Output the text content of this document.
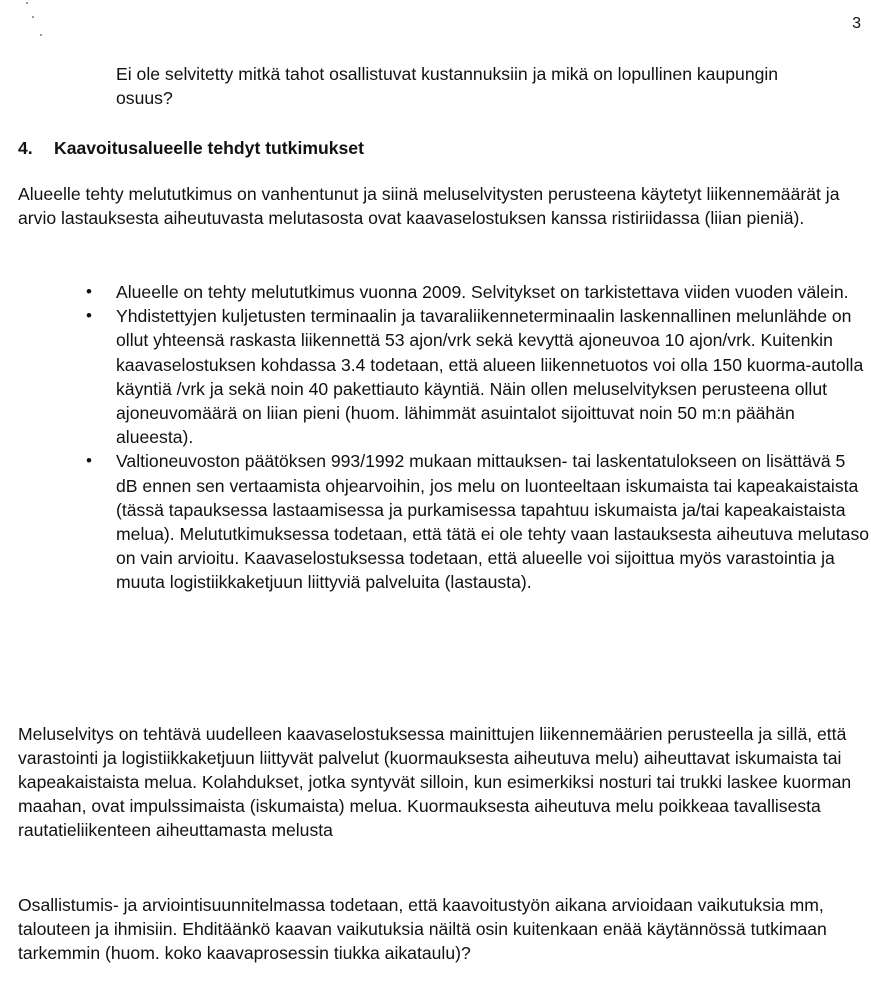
3

Ei ole selvitetty mitkä tahot osallistuvat kustannuksiin ja mikä on lopullinen kaupungin osuus?

4. Kaavoitusalueelle tehdyt tutkimukset

Alueelle tehty melututkimus on vanhentunut ja siinä meluselvitysten perusteena käytetyt liikennemäärät ja arvio lastauksesta aiheutuvasta melutasosta ovat kaavaselostuksen kanssa ristiriidassa (liian pieniä).

• Alueelle on tehty melututkimus vuonna 2009. Selvitykset on tarkistettava viiden vuoden välein.
• Yhdistettyjen kuljetusten terminaalin ja tavaraliikenneterminaalin laskennallinen melunlähde on ollut yhteensä raskasta liikennettä 53 ajon/vrk sekä kevyttä ajoneuvoa 10 ajon/vrk. Kuitenkin kaavaselostuksen kohdassa 3.4 todetaan, että alueen liikennetuotos voi olla 150 kuorma-autolla käyntiä /vrk ja sekä noin 40 pakettiauto käyntiä. Näin ollen meluselvityksen perusteena ollut ajoneuvomäärä on liian pieni (huom. lähimmät asuintalot sijoittuvat noin 50 m:n päähän alueesta).
• Valtioneuvoston päätöksen 993/1992 mukaan mittauksen- tai laskentatulokseen on lisättävä 5 dB ennen sen vertaamista ohjearvoihin, jos melu on luonteeltaan iskumaista tai kapeakaistaista (tässä tapauksessa lastaamisessa ja purkamisessa tapahtuu iskumaista ja/tai kapeakaistaista melua). Melututkimuksessa todetaan, että tätä ei ole tehty vaan lastauksesta aiheutuva melutaso on vain arvioitu. Kaavaselostuksessa todetaan, että alueelle voi sijoittua myös varastointia ja muuta logistiikkaketjuun liittyviä palveluita (lastausta).

Meluselvitys on tehtävä uudelleen kaavaselostuksessa mainittujen liikennemäärien perusteella ja sillä, että varastointi ja logistiikkaketjuun liittyvät palvelut (kuormauksesta aiheutuva melu) aiheuttavat iskumaista tai kapeakaistaista melua. Kolahdukset, jotka syntyvät silloin, kun esimerkiksi nosturi tai trukki laskee kuorman maahan, ovat impulssimaista (iskumaista) melua. Kuormauksesta aiheutuva melu poikkeaa tavallisesta rautatieliikenteen aiheuttamasta melusta

Osallistumis- ja arviointisuunnitelmassa todetaan, että kaavoitustyön aikana arvioidaan vaikutuksia mm, talouteen ja ihmisiin. Ehditäänkö kaavan vaikutuksia näiltä osin kuitenkaan enää käytännössä tutkimaan tarkemmin (huom. koko kaavaprosessin tiukka aikataulu)?
